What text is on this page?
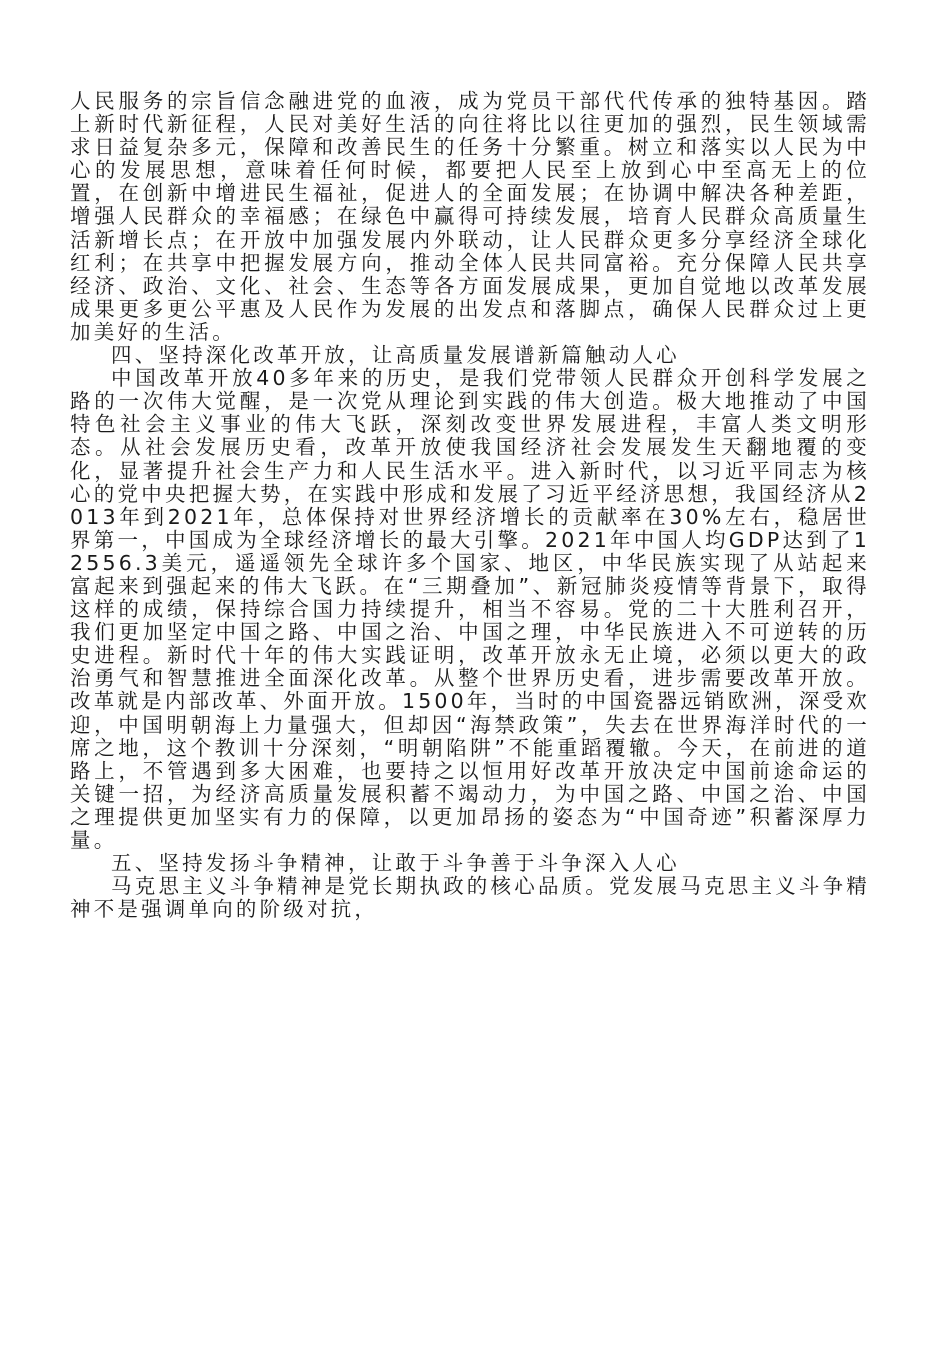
人民服务的宗旨信念融进党的血液，成为党员干部代代传承的独特基因。踏上新时代新征程，人民对美好生活的向往将比以往更加的强烈，民生领域需求日益复杂多元，保障和改善民生的任务十分繁重。树立和落实以人民为中心的发展思想，意味着任何时候，都要把人民至上放到心中至高无上的位置，在创新中增进民生福祉，促进人的全面发展；在协调中解决各种差距，增强人民群众的幸福感；在绿色中赢得可持续发展，培育人民群众高质量生活新增长点；在开放中加强发展内外联动，让人民群众更多分享经济全球化红利；在共享中把握发展方向，推动全体人民共同富裕。充分保障人民共享经济、政治、文化、社会、生态等各方面发展成果，更加自觉地以改革发展成果更多更公平惠及人民作为发展的出发点和落脚点，确保人民群众过上更加美好的生活。

四、坚持深化改革开放，让高质量发展谱新篇触动人心

中国改革开放40多年来的历史，是我们党带领人民群众开创科学发展之路的一次伟大觉醒，是一次党从理论到实践的伟大创造。极大地推动了中国特色社会主义事业的伟大飞跃，深刻改变世界发展进程，丰富人类文明形态。从社会发展历史看，改革开放使我国经济社会发展发生天翻地覆的变化，显著提升社会生产力和人民生活水平。进入新时代，以习近平同志为核心的党中央把握大势，在实践中形成和发展了习近平经济思想，我国经济从2013年到2021年，总体保持对世界经济增长的贡献率在30%左右，稳居世界第一，中国成为全球经济增长的最大引擎。2021年中国人均GDP达到了12556.3美元，遥遥领先全球许多个国家、地区，中华民族实现了从站起来富起来到强起来的伟大飞跃。在“三期叠加”、新冠肺炎疫情等背景下，取得这样的成绩，保持综合国力持续提升，相当不容易。党的二十大胜利召开，我们更加坚定中国之路、中国之治、中国之理，中华民族进入不可逆转的历史进程。新时代十年的伟大实践证明，改革开放永无止境，必须以更大的政治勇气和智慧推进全面深化改革。从整个世界历史看，进步需要改革开放。改革就是内部改革、外面开放。1500年，当时的中国瓷器远销欧洲，深受欢迎，中国明朝海上力量强大，但却因“海禁政策”，失去在世界海洋时代的一席之地，这个教训十分深刻，“明朝陷阱”不能重蹈覆辙。今天，在前进的道路上，不管遇到多大困难，也要持之以恒用好改革开放决定中国前途命运的关键一招，为经济高质量发展积蓄不竭动力，为中国之路、中国之治、中国之理提供更加坚实有力的保障，以更加昂扬的姿态为“中国奇迹”积蓄深厚力量。

五、坚持发扬斗争精神，让敢于斗争善于斗争深入人心

马克思主义斗争精神是党长期执政的核心品质。党发展马克思主义斗争精神不是强调单向的阶级对抗，
